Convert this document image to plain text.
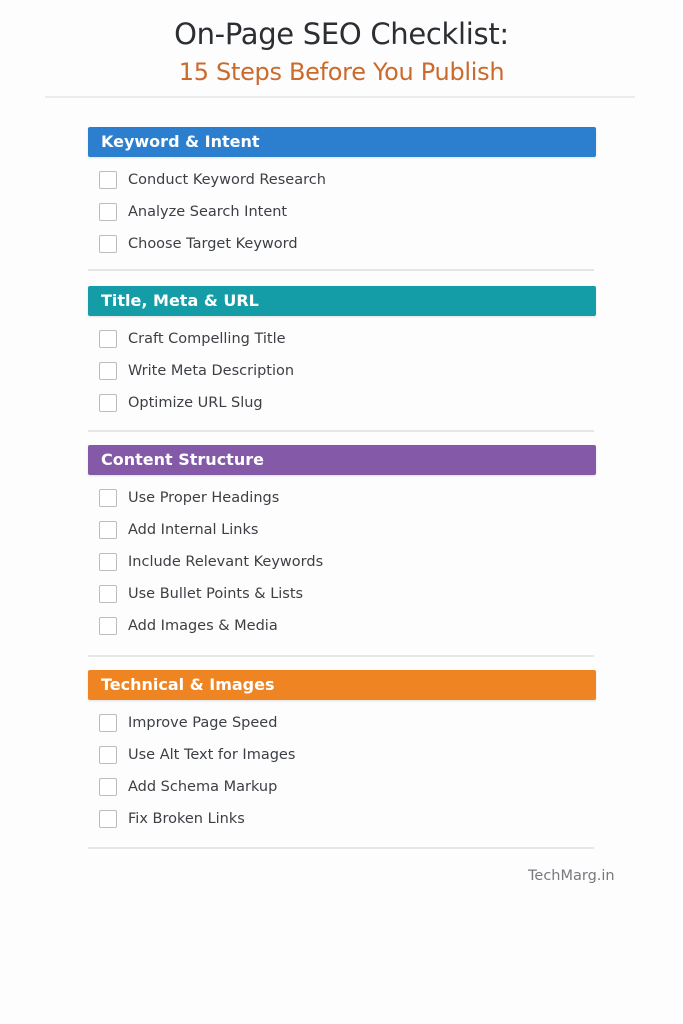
On-Page SEO Checklist:
15 Steps Before You Publish
Keyword & Intent
Conduct Keyword Research
Analyze Search Intent
Choose Target Keyword
Title, Meta & URL
Craft Compelling Title
Write Meta Description
Optimize URL Slug
Content Structure
Use Proper Headings
Add Internal Links
Include Relevant Keywords
Use Bullet Points & Lists
Add Images & Media
Technical & Images
Improve Page Speed
Use Alt Text for Images
Add Schema Markup
Fix Broken Links
TechMarg.in
